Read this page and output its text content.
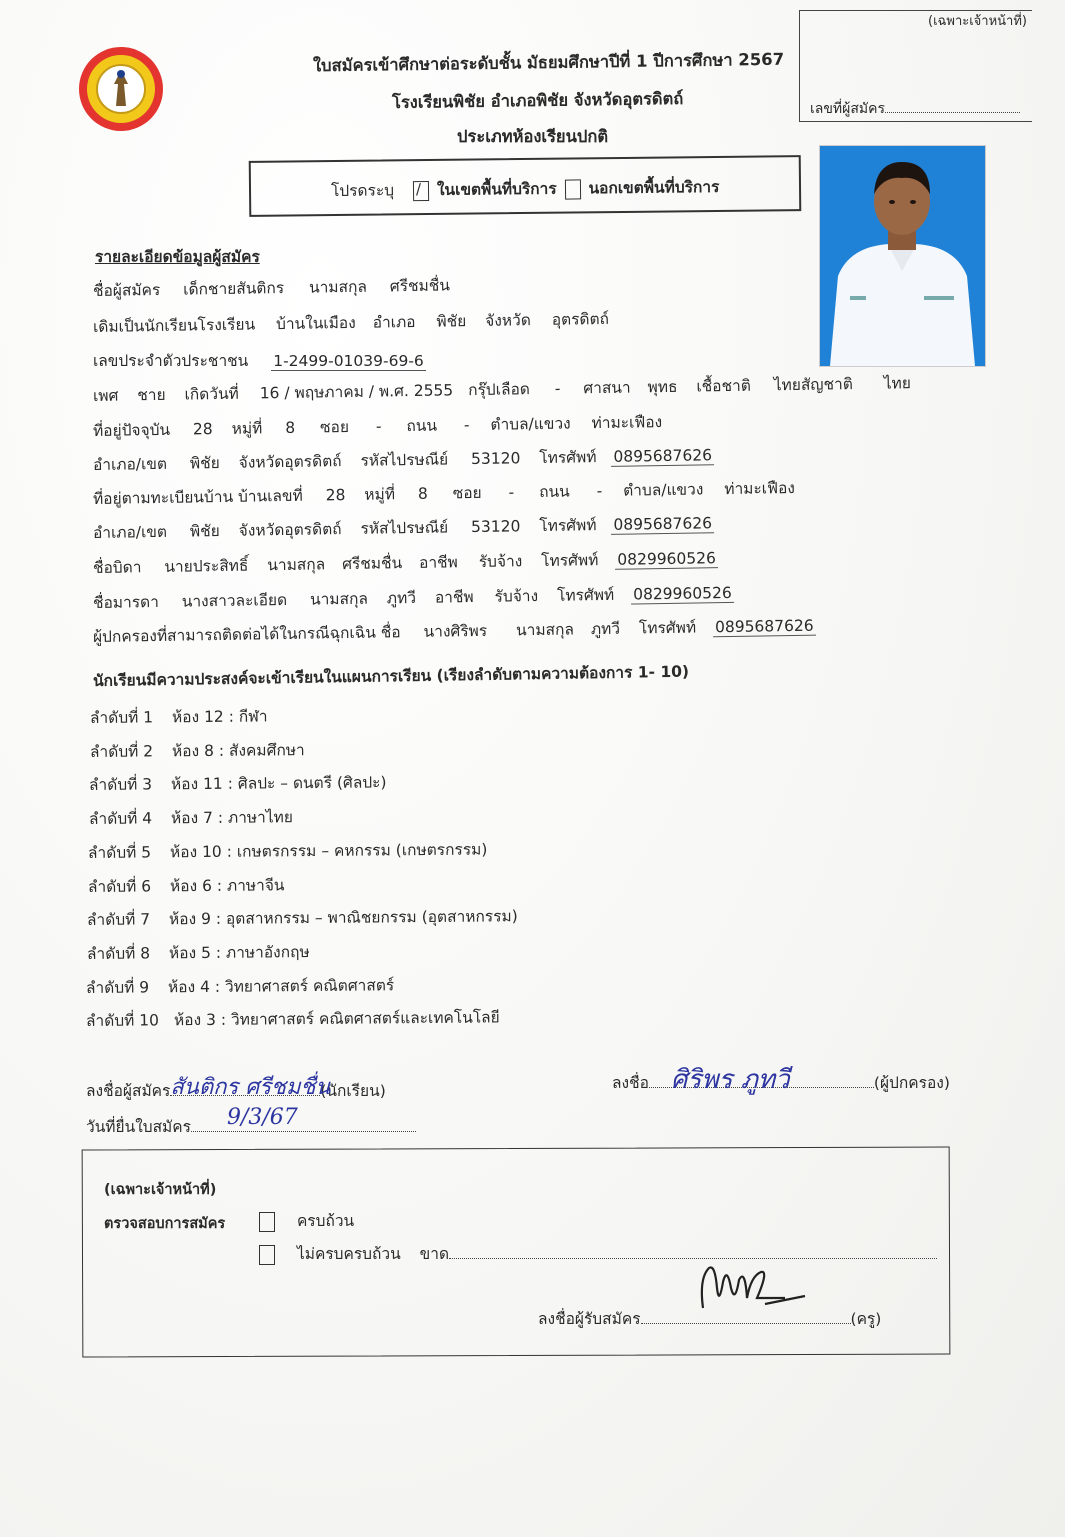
(เฉพาะเจ้าหน้าที่)
เลขที่ผู้สมัคร
ใบสมัครเข้าศึกษาต่อระดับชั้น มัธยมศึกษาปีที่ 1 ปีการศึกษา 2567
โรงเรียนพิชัย อำเภอพิชัย จังหวัดอุตรดิตถ์
ประเภทห้องเรียนปกติ
โปรดระบุ / ในเขตพื้นที่บริการ นอกเขตพื้นที่บริการ
รายละเอียดข้อมูลผู้สมัคร
ชื่อผู้สมัคร เด็กชายสันติกร นามสกุล ศรีชมชื่น
เดิมเป็นนักเรียนโรงเรียน บ้านในเมือง อำเภอ พิชัย จังหวัด อุตรดิตถ์
เลขประจำตัวประชาชน 1-2499-01039-69-6
เพศ ชาย เกิดวันที่ 16 / พฤษภาคม / พ.ศ. 2555 กรุ๊ปเลือด - ศาสนา พุทธ เชื้อชาติ ไทยสัญชาติ ไทย
ที่อยู่ปัจจุบัน 28 หมู่ที่ 8 ซอย - ถนน - ตำบล/แขวง ท่ามะเฟือง
อำเภอ/เขต พิชัย จังหวัดอุตรดิตถ์ รหัสไปรษณีย์ 53120 โทรศัพท์ 0895687626
ที่อยู่ตามทะเบียนบ้าน บ้านเลขที่ 28 หมู่ที่ 8 ซอย - ถนน - ตำบล/แขวง ท่ามะเฟือง
อำเภอ/เขต พิชัย จังหวัดอุตรดิตถ์ รหัสไปรษณีย์ 53120 โทรศัพท์ 0895687626
ชื่อบิดา นายประสิทธิ์ นามสกุล ศรีชมชื่น อาชีพ รับจ้าง โทรศัพท์ 0829960526
ชื่อมารดา นางสาวละเอียด นามสกุล ภูทวี อาชีพ รับจ้าง โทรศัพท์ 0829960526
ผู้ปกครองที่สามารถติดต่อได้ในกรณีฉุกเฉิน ชื่อ นางศิริพร นามสกุล ภูทวี โทรศัพท์ 0895687626
นักเรียนมีความประสงค์จะเข้าเรียนในแผนการเรียน (เรียงลำดับตามความต้องการ 1- 10)
ลำดับที่ 1 ห้อง 12 : กีฬา
ลำดับที่ 2 ห้อง 8 : สังคมศึกษา
ลำดับที่ 3 ห้อง 11 : ศิลปะ – ดนตรี (ศิลปะ)
ลำดับที่ 4 ห้อง 7 : ภาษาไทย
ลำดับที่ 5 ห้อง 10 : เกษตรกรรม – คหกรรม (เกษตรกรรม)
ลำดับที่ 6 ห้อง 6 : ภาษาจีน
ลำดับที่ 7 ห้อง 9 : อุตสาหกรรม – พาณิชยกรรม (อุตสาหกรรม)
ลำดับที่ 8 ห้อง 5 : ภาษาอังกฤษ
ลำดับที่ 9 ห้อง 4 : วิทยาศาสตร์ คณิตศาสตร์
ลำดับที่ 10 ห้อง 3 : วิทยาศาสตร์ คณิตศาสตร์และเทคโนโลยี
ลงชื่อผู้สมัคร สันติกร ศรีชมชื่น
(นักเรียน)
วันที่ยื่นใบสมัคร 9/3/67
ลงชื่อ ศิริพร ภูทวี	(ผู้ปกครอง)
(เฉพาะเจ้าหน้าที่)
ตรวจสอบการสมัคร	ครบถ้วน
ไม่ครบครบถ้วน ขาด
ลงชื่อผู้รับสมัคร	(ครู)
